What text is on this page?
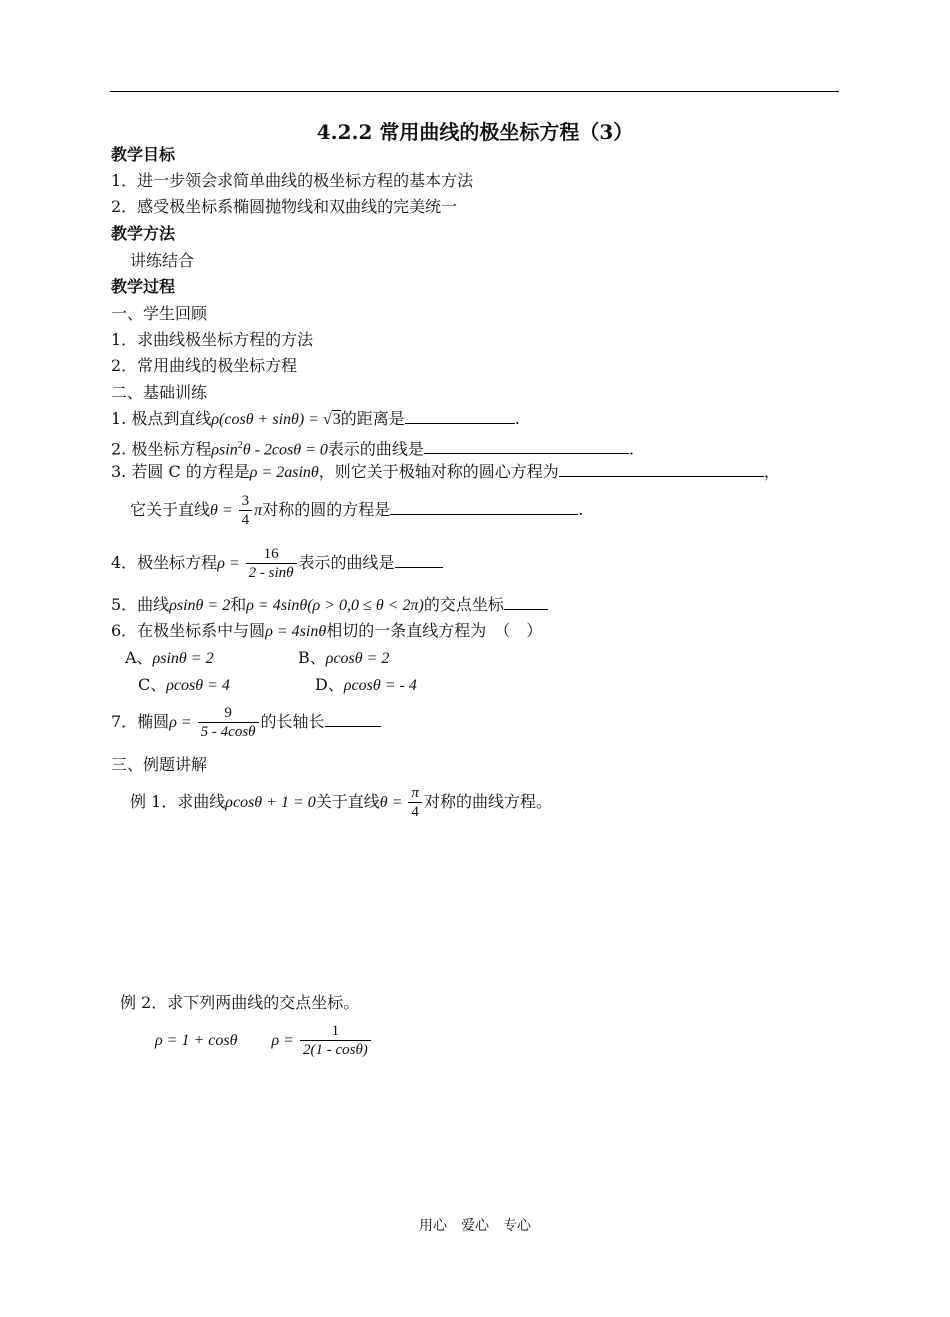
4.2.2 常用曲线的极坐标方程（3）
教学目标
1．进一步领会求简单曲线的极坐标方程的基本方法
2．感受极坐标系椭圆抛物线和双曲线的完美统一
教学方法
讲练结合
教学过程
一、学生回顾
1．求曲线极坐标方程的方法
2．常用曲线的极坐标方程
二、基础训练
1. 极点到直线ρ(cosθ + sinθ) = √3的距离是	.
2. 极坐标方程ρsin$^2$θ - 2cosθ = 0表示的曲线是	.
3. 若圆 C 的方程是ρ = 2asinθ，则它关于极轴对称的圆心方程为	，
它关于直线$\theta = \frac{3}{4}$ π对称的圆的方程是	.
4．极坐标方程$\rho = \frac{16}{2 - \sin\theta}$ 表示的曲线是
5．曲线ρsinθ = 2和ρ = 4sinθ(ρ > 0,0 ≤ θ < 2π)的交点坐标
6．在极坐标系中与圆ρ = 4sinθ相切的一条直线方程为　（　）
A、ρsinθ = 2	B、ρcosθ = 2
C、ρcosθ = 4	D、ρcosθ = - 4
7．椭圆$\rho = \frac{9}{5 - 4\cos\theta}$ 的长轴长
三、例题讲解
例 1．求曲线ρcosθ + 1 = 0关于直线$\theta = \frac{\pi}{4}$ 对称的曲线方程。
例 2．求下列两曲线的交点坐标。
ρ = 1 + cosθ $\rho = \frac{1}{2(1 - \cos\theta)}$
用心　爱心　专心
